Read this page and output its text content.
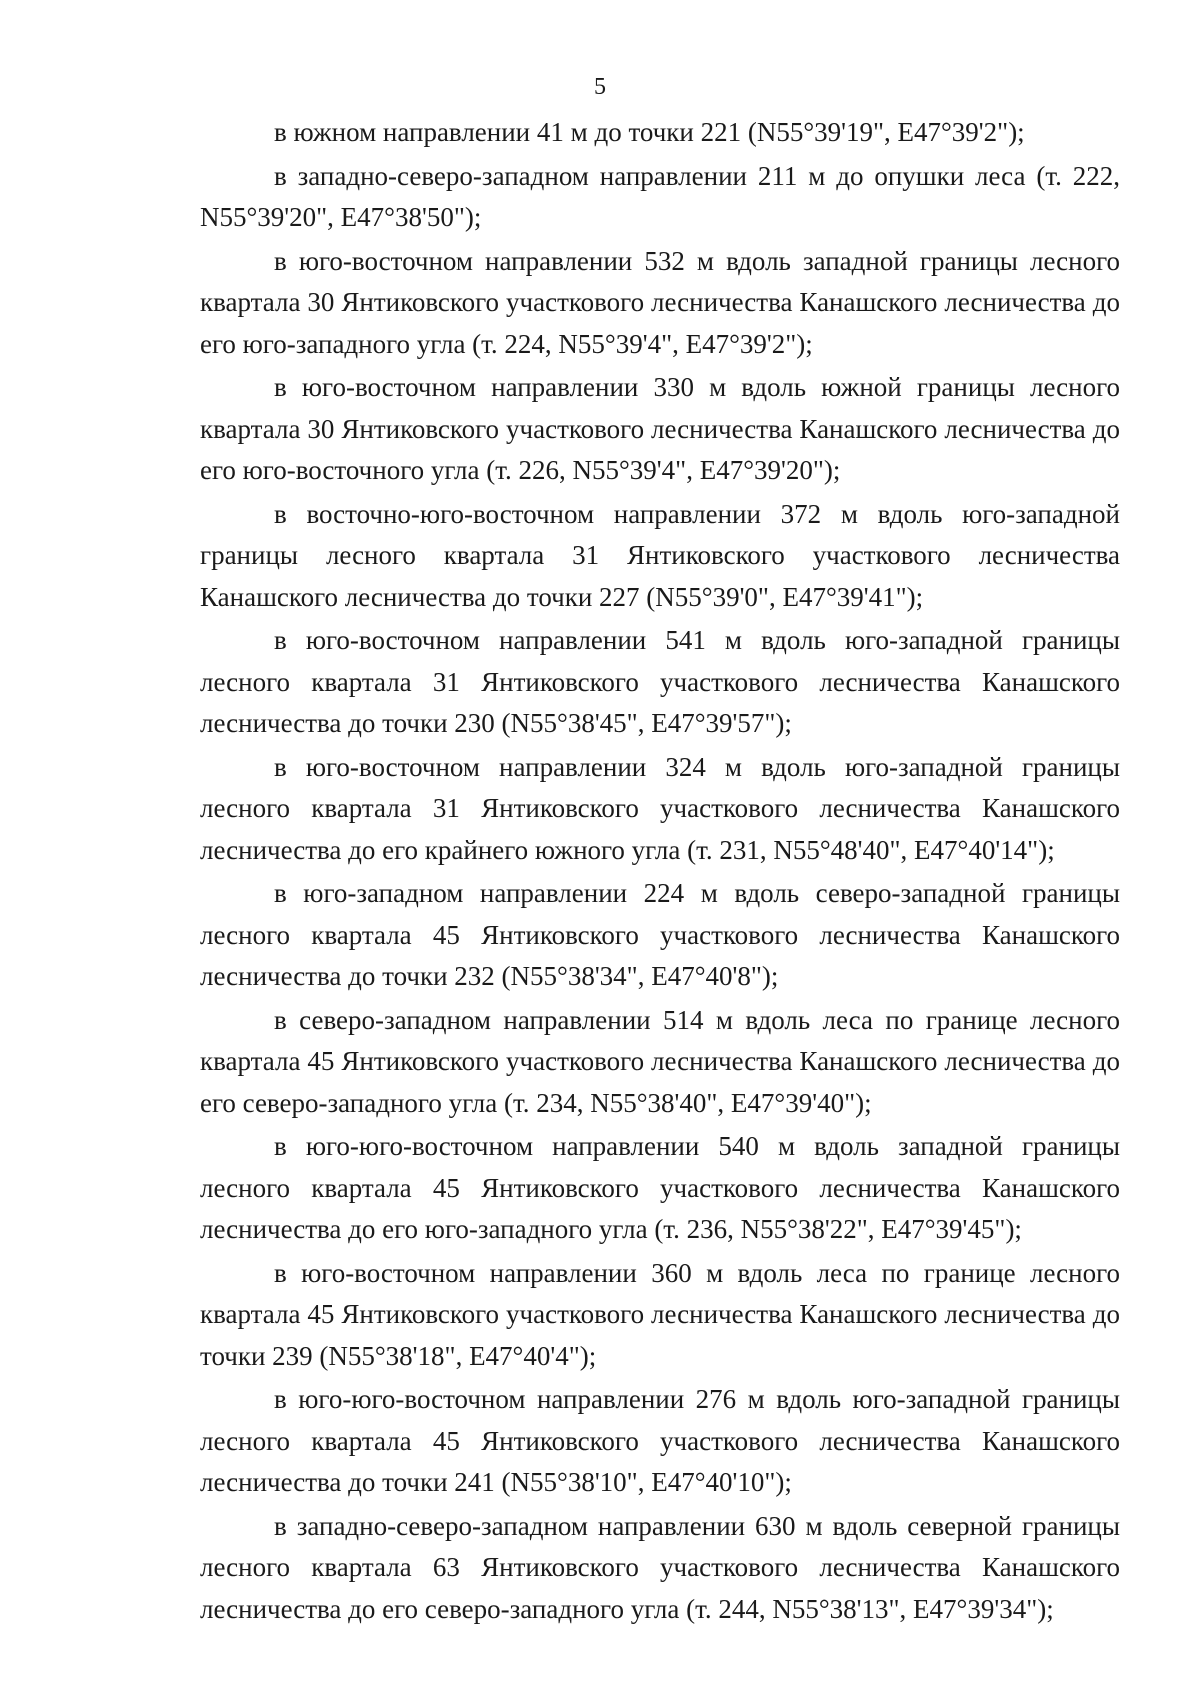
5

в южном направлении 41 м до точки 221 (N55°39'19", E47°39'2");

в западно-северо-западном направлении 211 м до опушки леса (т. 222, N55°39'20", E47°38'50");

в юго-восточном направлении 532 м вдоль западной границы лесного квартала 30 Янтиковского участкового лесничества Канашского лесничества до его юго-западного угла (т. 224, N55°39'4", E47°39'2");

в юго-восточном направлении 330 м вдоль южной границы лесного квартала 30 Янтиковского участкового лесничества Канашского лесничества до его юго-восточного угла (т. 226, N55°39'4", E47°39'20");

в восточно-юго-восточном направлении 372 м вдоль юго-западной границы лесного квартала 31 Янтиковского участкового лесничества Канашского лесничества до точки 227 (N55°39'0", E47°39'41");

в юго-восточном направлении 541 м вдоль юго-западной границы лесного квартала 31 Янтиковского участкового лесничества Канашского лесничества до точки 230 (N55°38'45", E47°39'57");

в юго-восточном направлении 324 м вдоль юго-западной границы лесного квартала 31 Янтиковского участкового лесничества Канашского лесничества до его крайнего южного угла (т. 231, N55°48'40", E47°40'14");

в юго-западном направлении 224 м вдоль северо-западной границы лесного квартала 45 Янтиковского участкового лесничества Канашского лесничества до точки 232 (N55°38'34", E47°40'8");

в северо-западном направлении 514 м вдоль леса по границе лесного квартала 45 Янтиковского участкового лесничества Канашского лесничества до его северо-западного угла (т. 234, N55°38'40", E47°39'40");

в юго-юго-восточном направлении 540 м вдоль западной границы лесного квартала 45 Янтиковского участкового лесничества Канашского лесничества до его юго-западного угла (т. 236, N55°38'22", E47°39'45");

в юго-восточном направлении 360 м вдоль леса по границе лесного квартала 45 Янтиковского участкового лесничества Канашского лесничества до точки 239 (N55°38'18", E47°40'4");

в юго-юго-восточном направлении 276 м вдоль юго-западной границы лесного квартала 45 Янтиковского участкового лесничества Канашского лесничества до точки 241 (N55°38'10", E47°40'10");

в западно-северо-западном направлении 630 м вдоль северной границы лесного квартала 63 Янтиковского участкового лесничества Канашского лесничества до его северо-западного угла (т. 244, N55°38'13", E47°39'34");
